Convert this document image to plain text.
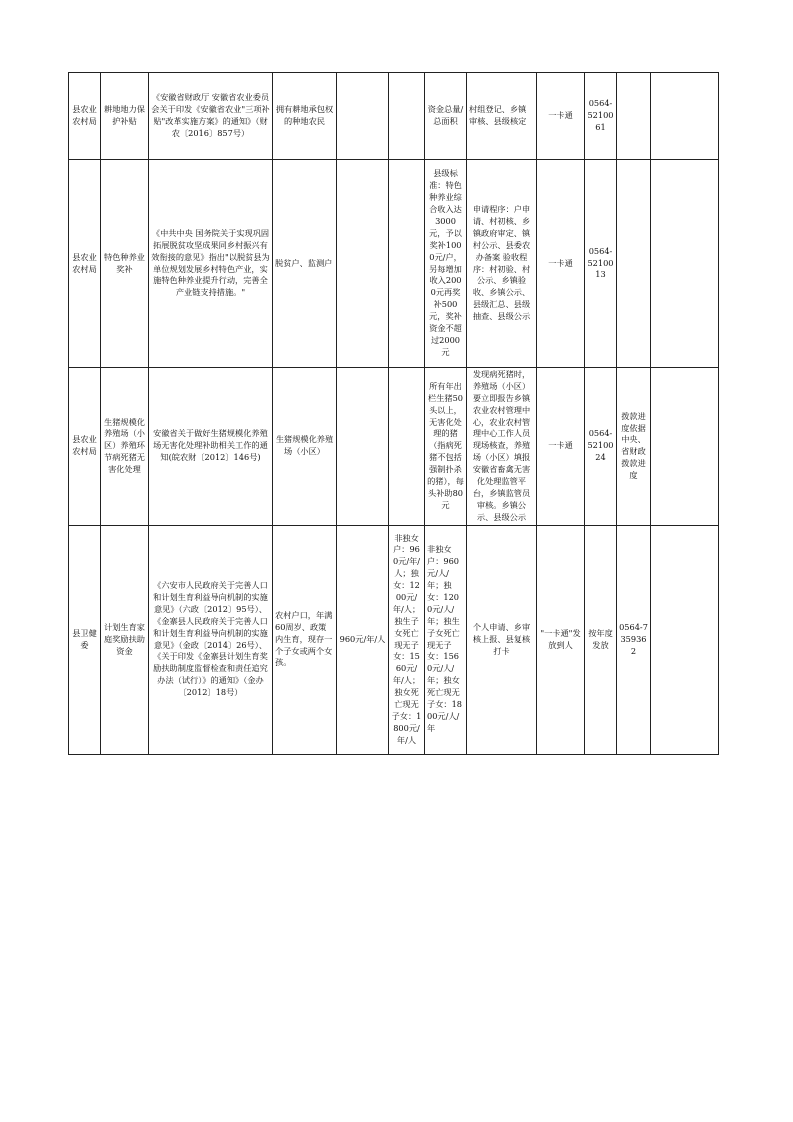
县农业农村局	耕地地力保护补贴	《安徽省财政厅 安徽省农业委员会关于印发《安徽省农业"三项补贴"改革实施方案》的通知》（财农〔2016〕857号）	拥有耕地承包权的种地农民			资金总量/总面积	村组登记、乡镇审核、县级核定	一卡通	0564-5210061		
县农业农村局	特色种养业奖补	《中共中央 国务院关于实现巩固拓展脱贫攻坚成果同乡村振兴有效衔接的意见》指出"以脱贫县为单位规划发展乡村特色产业，实施特色种养业提升行动，完善全产业链支持措施。"	脱贫户、监测户			县级标准：特色种养业综合收入达3000元，予以奖补1000元/户，另每增加收入2000元再奖补500元，奖补资金不超过2000元	申请程序：户申请、村初核、乡镇政府审定、镇村公示、县委农办备案 验收程序：村初验、村公示、乡镇验收、乡镇公示、县级汇总、县级抽查、县级公示	一卡通	0564-5210013		
县农业农村局	生猪规模化养殖场（小区）养殖环节病死猪无害化处理	安徽省关于做好生猪规模化养殖场无害化处理补助相关工作的通知(皖农财〔2012〕146号)	生猪规模化养殖场（小区）			所有年出栏生猪50头以上，无害化处理的猪（指病死猪不包括强制扑杀的猪），每头补助80元	发现病死猪时，养殖场（小区）要立即报告乡镇农业农村管理中心，农业农村管理中心工作人员现场核查，养殖场（小区）填报安徽省畜禽无害化处理监管平台，乡镇监管员审核。乡镇公示、县级公示	一卡通	0564-5210024	拨款进度依据中央、省财政拨款进度	
县卫健委	计划生育家庭奖励扶助资金	《六安市人民政府关于完善人口和计划生育利益导向机制的实施意见》（六政〔2012〕95号）、《金寨县人民政府关于完善人口和计划生育利益导向机制的实施意见》（金政〔2014〕26号）、《关于印发《金寨县计划生育奖励扶助制度监督检查和责任追究办法（试行）》的通知》（金办〔2012〕18号）	农村户口，年满60周岁、政策内生育，现存一个子女或两个女孩。	960元/年/人	非独女户：960元/年/人；独女：1200元/年/人；独生子女死亡现无子女：1560元/年/人；独女死亡现无子女：1800元/年/人	非独女户：960元/人/年；独女：1200元/人/年；独生子女死亡现无子女：1560元/人/年；独女死亡现无子女：1800元/人/年	个人申请、乡审核上报、县复核打卡	"一卡通"发放到人	按年度发放	0564-7359362	
